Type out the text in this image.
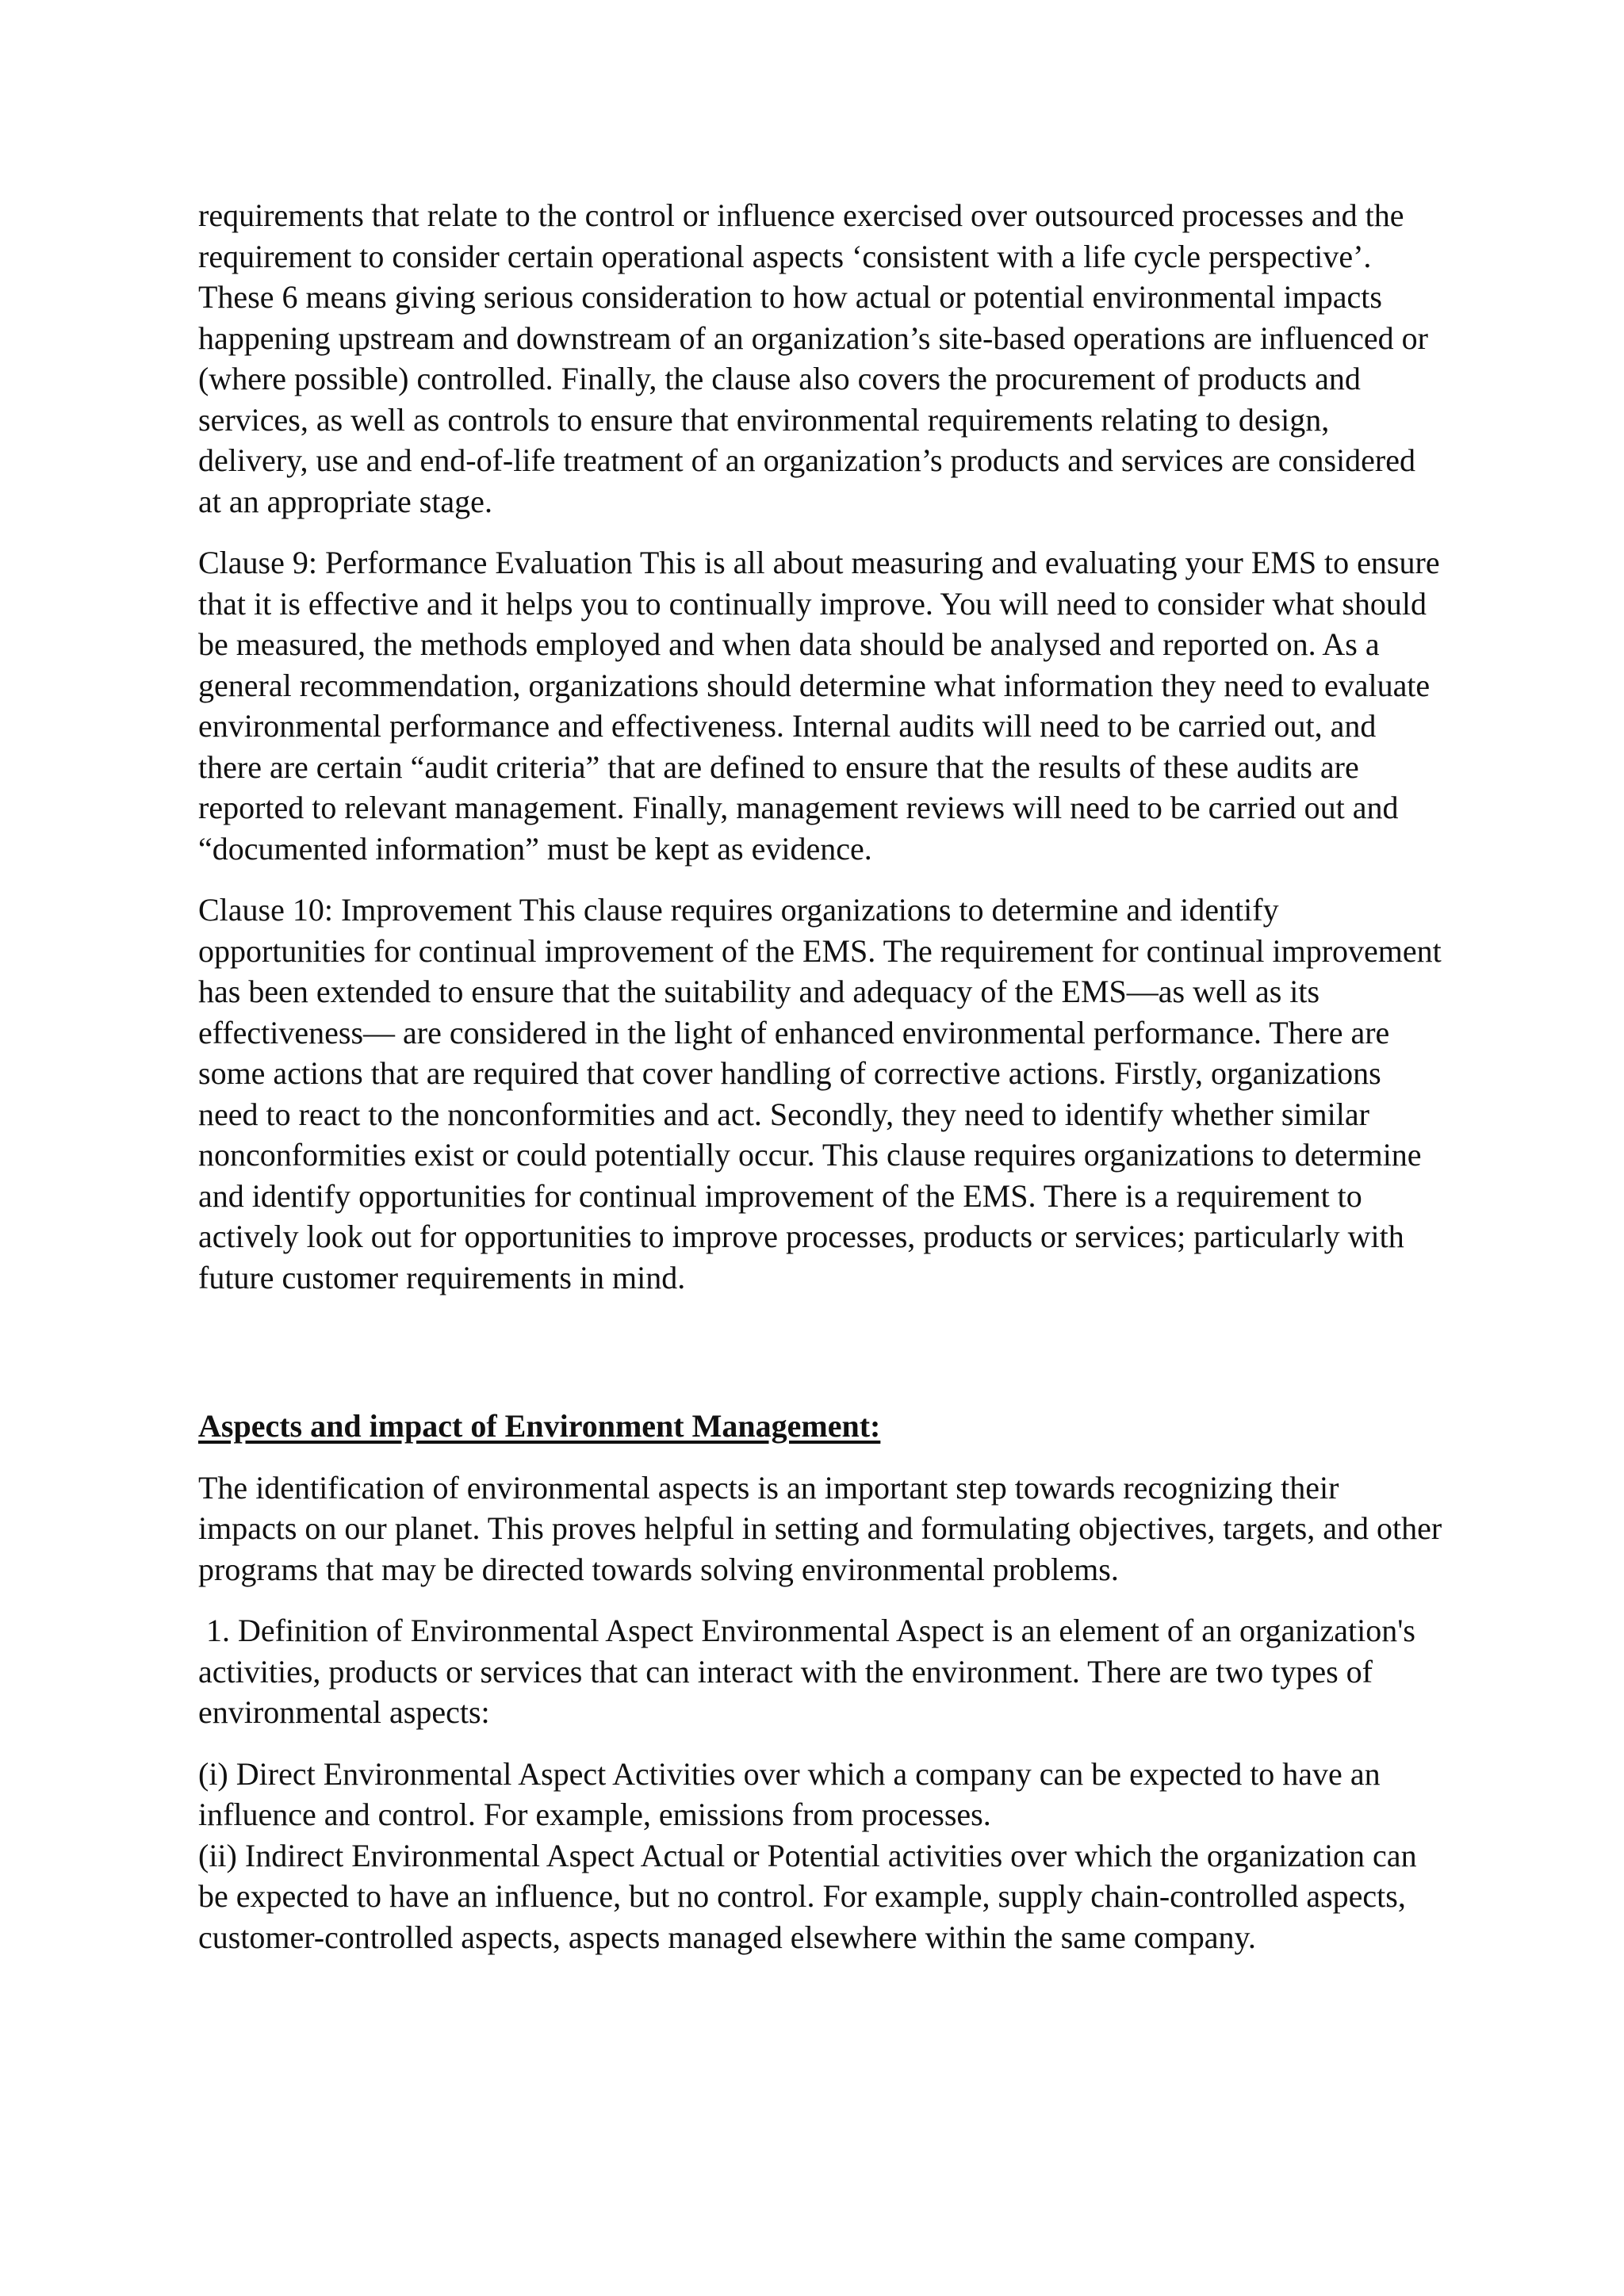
requirements that relate to the control or influence exercised over outsourced processes and the requirement to consider certain operational aspects ‘consistent with a life cycle perspective’. These 6 means giving serious consideration to how actual or potential environmental impacts happening upstream and downstream of an organization’s site-based operations are influenced or (where possible) controlled. Finally, the clause also covers the procurement of products and services, as well as controls to ensure that environmental requirements relating to design, delivery, use and end-of-life treatment of an organization’s products and services are considered at an appropriate stage.

Clause 9: Performance Evaluation This is all about measuring and evaluating your EMS to ensure that it is effective and it helps you to continually improve. You will need to consider what should be measured, the methods employed and when data should be analysed and reported on. As a general recommendation, organizations should determine what information they need to evaluate environmental performance and effectiveness. Internal audits will need to be carried out, and there are certain “audit criteria” that are defined to ensure that the results of these audits are reported to relevant management. Finally, management reviews will need to be carried out and “documented information” must be kept as evidence.

Clause 10: Improvement This clause requires organizations to determine and identify opportunities for continual improvement of the EMS. The requirement for continual improvement has been extended to ensure that the suitability and adequacy of the EMS—as well as its effectiveness— are considered in the light of enhanced environmental performance. There are some actions that are required that cover handling of corrective actions. Firstly, organizations need to react to the nonconformities and act. Secondly, they need to identify whether similar nonconformities exist or could potentially occur. This clause requires organizations to determine and identify opportunities for continual improvement of the EMS. There is a requirement to actively look out for opportunities to improve processes, products or services; particularly with future customer requirements in mind.

Aspects and impact of Environment Management:

The identification of environmental aspects is an important step towards recognizing their impacts on our planet. This proves helpful in setting and formulating objectives, targets, and other programs that may be directed towards solving environmental problems.

1. Definition of Environmental Aspect Environmental Aspect is an element of an organization's activities, products or services that can interact with the environment. There are two types of environmental aspects:

(i) Direct Environmental Aspect Activities over which a company can be expected to have an influence and control. For example, emissions from processes.

(ii) Indirect Environmental Aspect Actual or Potential activities over which the organization can be expected to have an influence, but no control. For example, supply chain-controlled aspects, customer-controlled aspects, aspects managed elsewhere within the same company.
